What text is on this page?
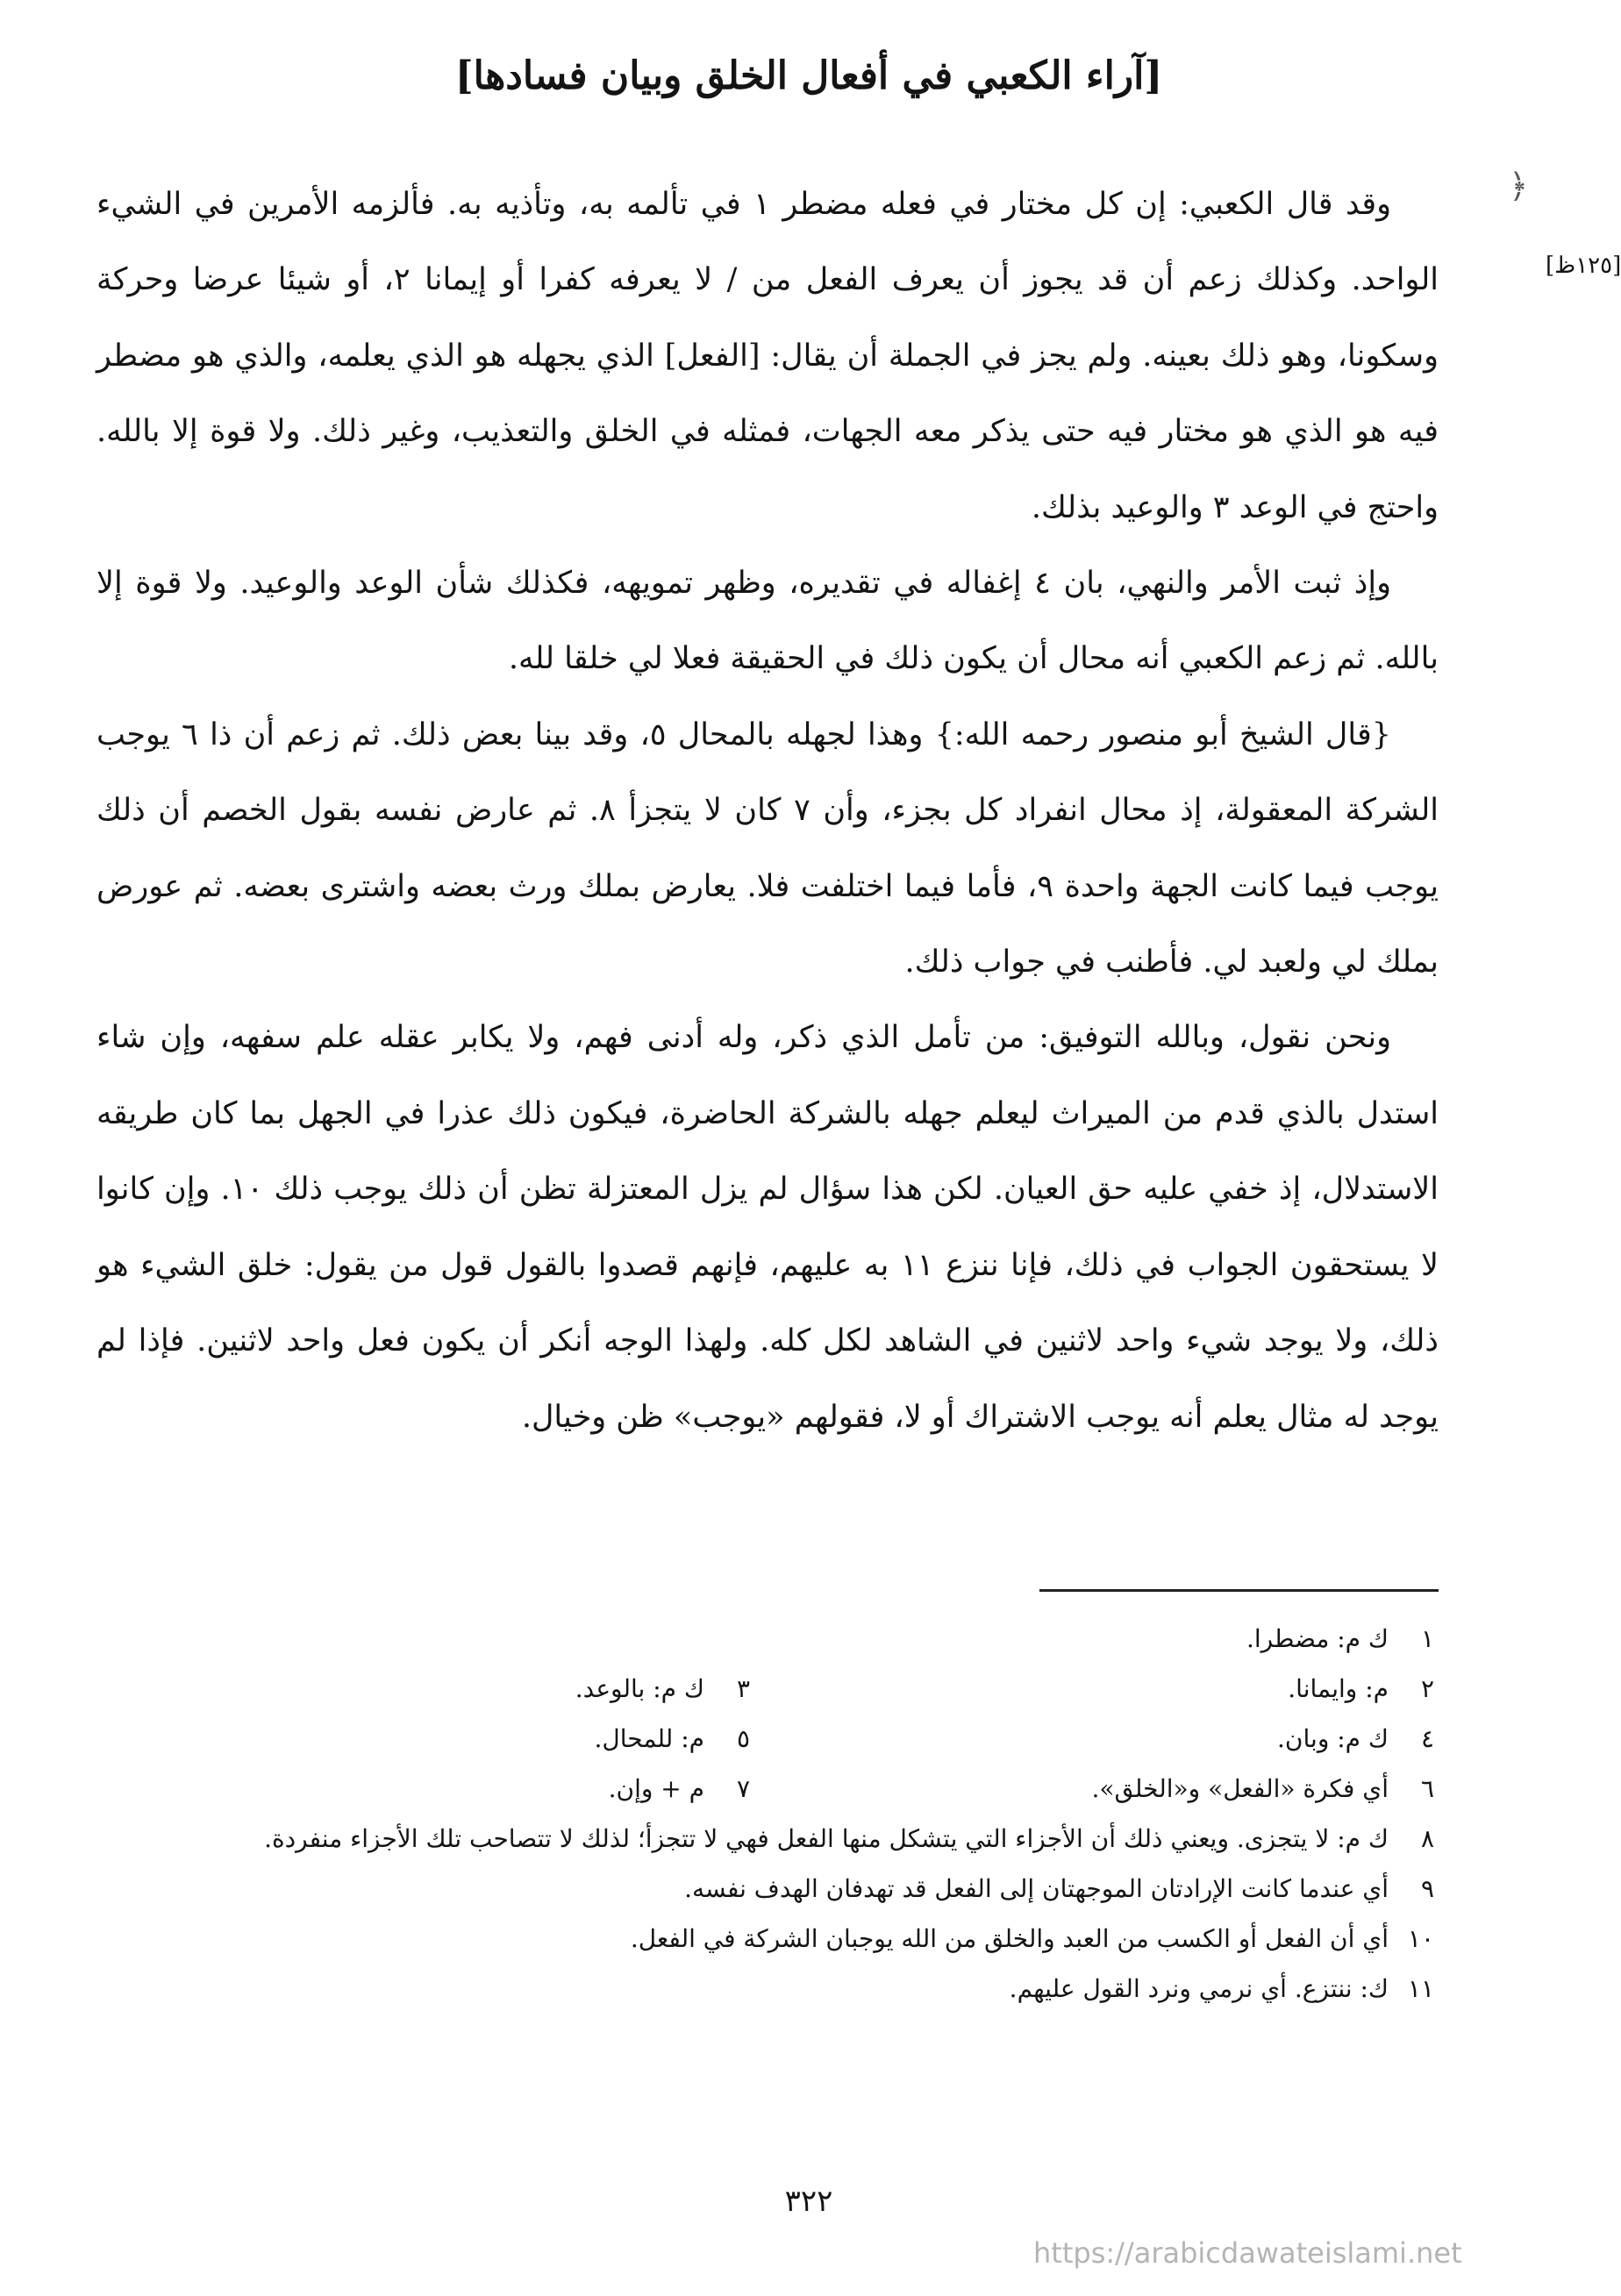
[آراء الكعبي في أفعال الخلق وبيان فسادها]
﴿
[١٢٥ظ]

وقد قال الكعبي: إن كل مختار في فعله مضطر ١ في تألمه به، وتأذيه به. فألزمه الأمرين في الشيء الواحد. وكذلك زعم أن قد يجوز أن يعرف الفعل من / لا يعرفه كفرا أو إيمانا ٢، أو شيئا عرضا وحركة وسكونا، وهو ذلك بعينه. ولم يجز في الجملة أن يقال: [الفعل] الذي يجهله هو الذي يعلمه، والذي هو مضطر فيه هو الذي هو مختار فيه حتى يذكر معه الجهات، فمثله في الخلق والتعذيب، وغير ذلك. ولا قوة إلا بالله. واحتج في الوعد ٣ والوعيد بذلك.

وإذ ثبت الأمر والنهي، بان ٤ إغفاله في تقديره، وظهر تمويهه، فكذلك شأن الوعد والوعيد. ولا قوة إلا بالله. ثم زعم الكعبي أنه محال أن يكون ذلك في الحقيقة فعلا لي خلقا لله.

{قال الشيخ أبو منصور رحمه الله:} وهذا لجهله بالمحال ٥، وقد بينا بعض ذلك. ثم زعم أن ذا ٦ يوجب الشركة المعقولة، إذ محال انفراد كل بجزء، وأن ٧ كان لا يتجزأ ٨. ثم عارض نفسه بقول الخصم أن ذلك يوجب فيما كانت الجهة واحدة ٩، فأما فيما اختلفت فلا. يعارض بملك ورث بعضه واشترى بعضه. ثم عورض بملك لي ولعبد لي. فأطنب في جواب ذلك.

ونحن نقول، وبالله التوفيق: من تأمل الذي ذكر، وله أدنى فهم، ولا يكابر عقله علم سفهه، وإن شاء استدل بالذي قدم من الميراث ليعلم جهله بالشركة الحاضرة، فيكون ذلك عذرا في الجهل بما كان طريقه الاستدلال، إذ خفي عليه حق العيان. لكن هذا سؤال لم يزل المعتزلة تظن أن ذلك يوجب ذلك ١٠. وإن كانوا لا يستحقون الجواب في ذلك، فإنا ننزع ١١ به عليهم، فإنهم قصدوا بالقول قول من يقول: خلق الشيء هو ذلك، ولا يوجد شيء واحد لاثنين في الشاهد لكل كله. ولهذا الوجه أنكر أن يكون فعل واحد لاثنين. فإذا لم يوجد له مثال يعلم أنه يوجب الاشتراك أو لا، فقولهم «يوجب» ظن وخيال.

١
ك م: مضطرا.
٢
م: وايمانا.
٣
ك م: بالوعد.
٤
ك م: وبان.
٥
م: للمحال.
٦
أي فكرة «الفعل» و«الخلق».
٧
م + وإن.
٨
ك م: لا يتجزى. ويعني ذلك أن الأجزاء التي يتشكل منها الفعل فهي لا تتجزأ؛ لذلك لا تتصاحب تلك الأجزاء منفردة.
٩
أي عندما كانت الإرادتان الموجهتان إلى الفعل قد تهدفان الهدف نفسه.
١٠
أي أن الفعل أو الكسب من العبد والخلق من الله يوجبان الشركة في الفعل.
١١
ك: ننتزع. أي نرمي ونرد القول عليهم.
٣٢٢
https://arabicdawateislami.net
